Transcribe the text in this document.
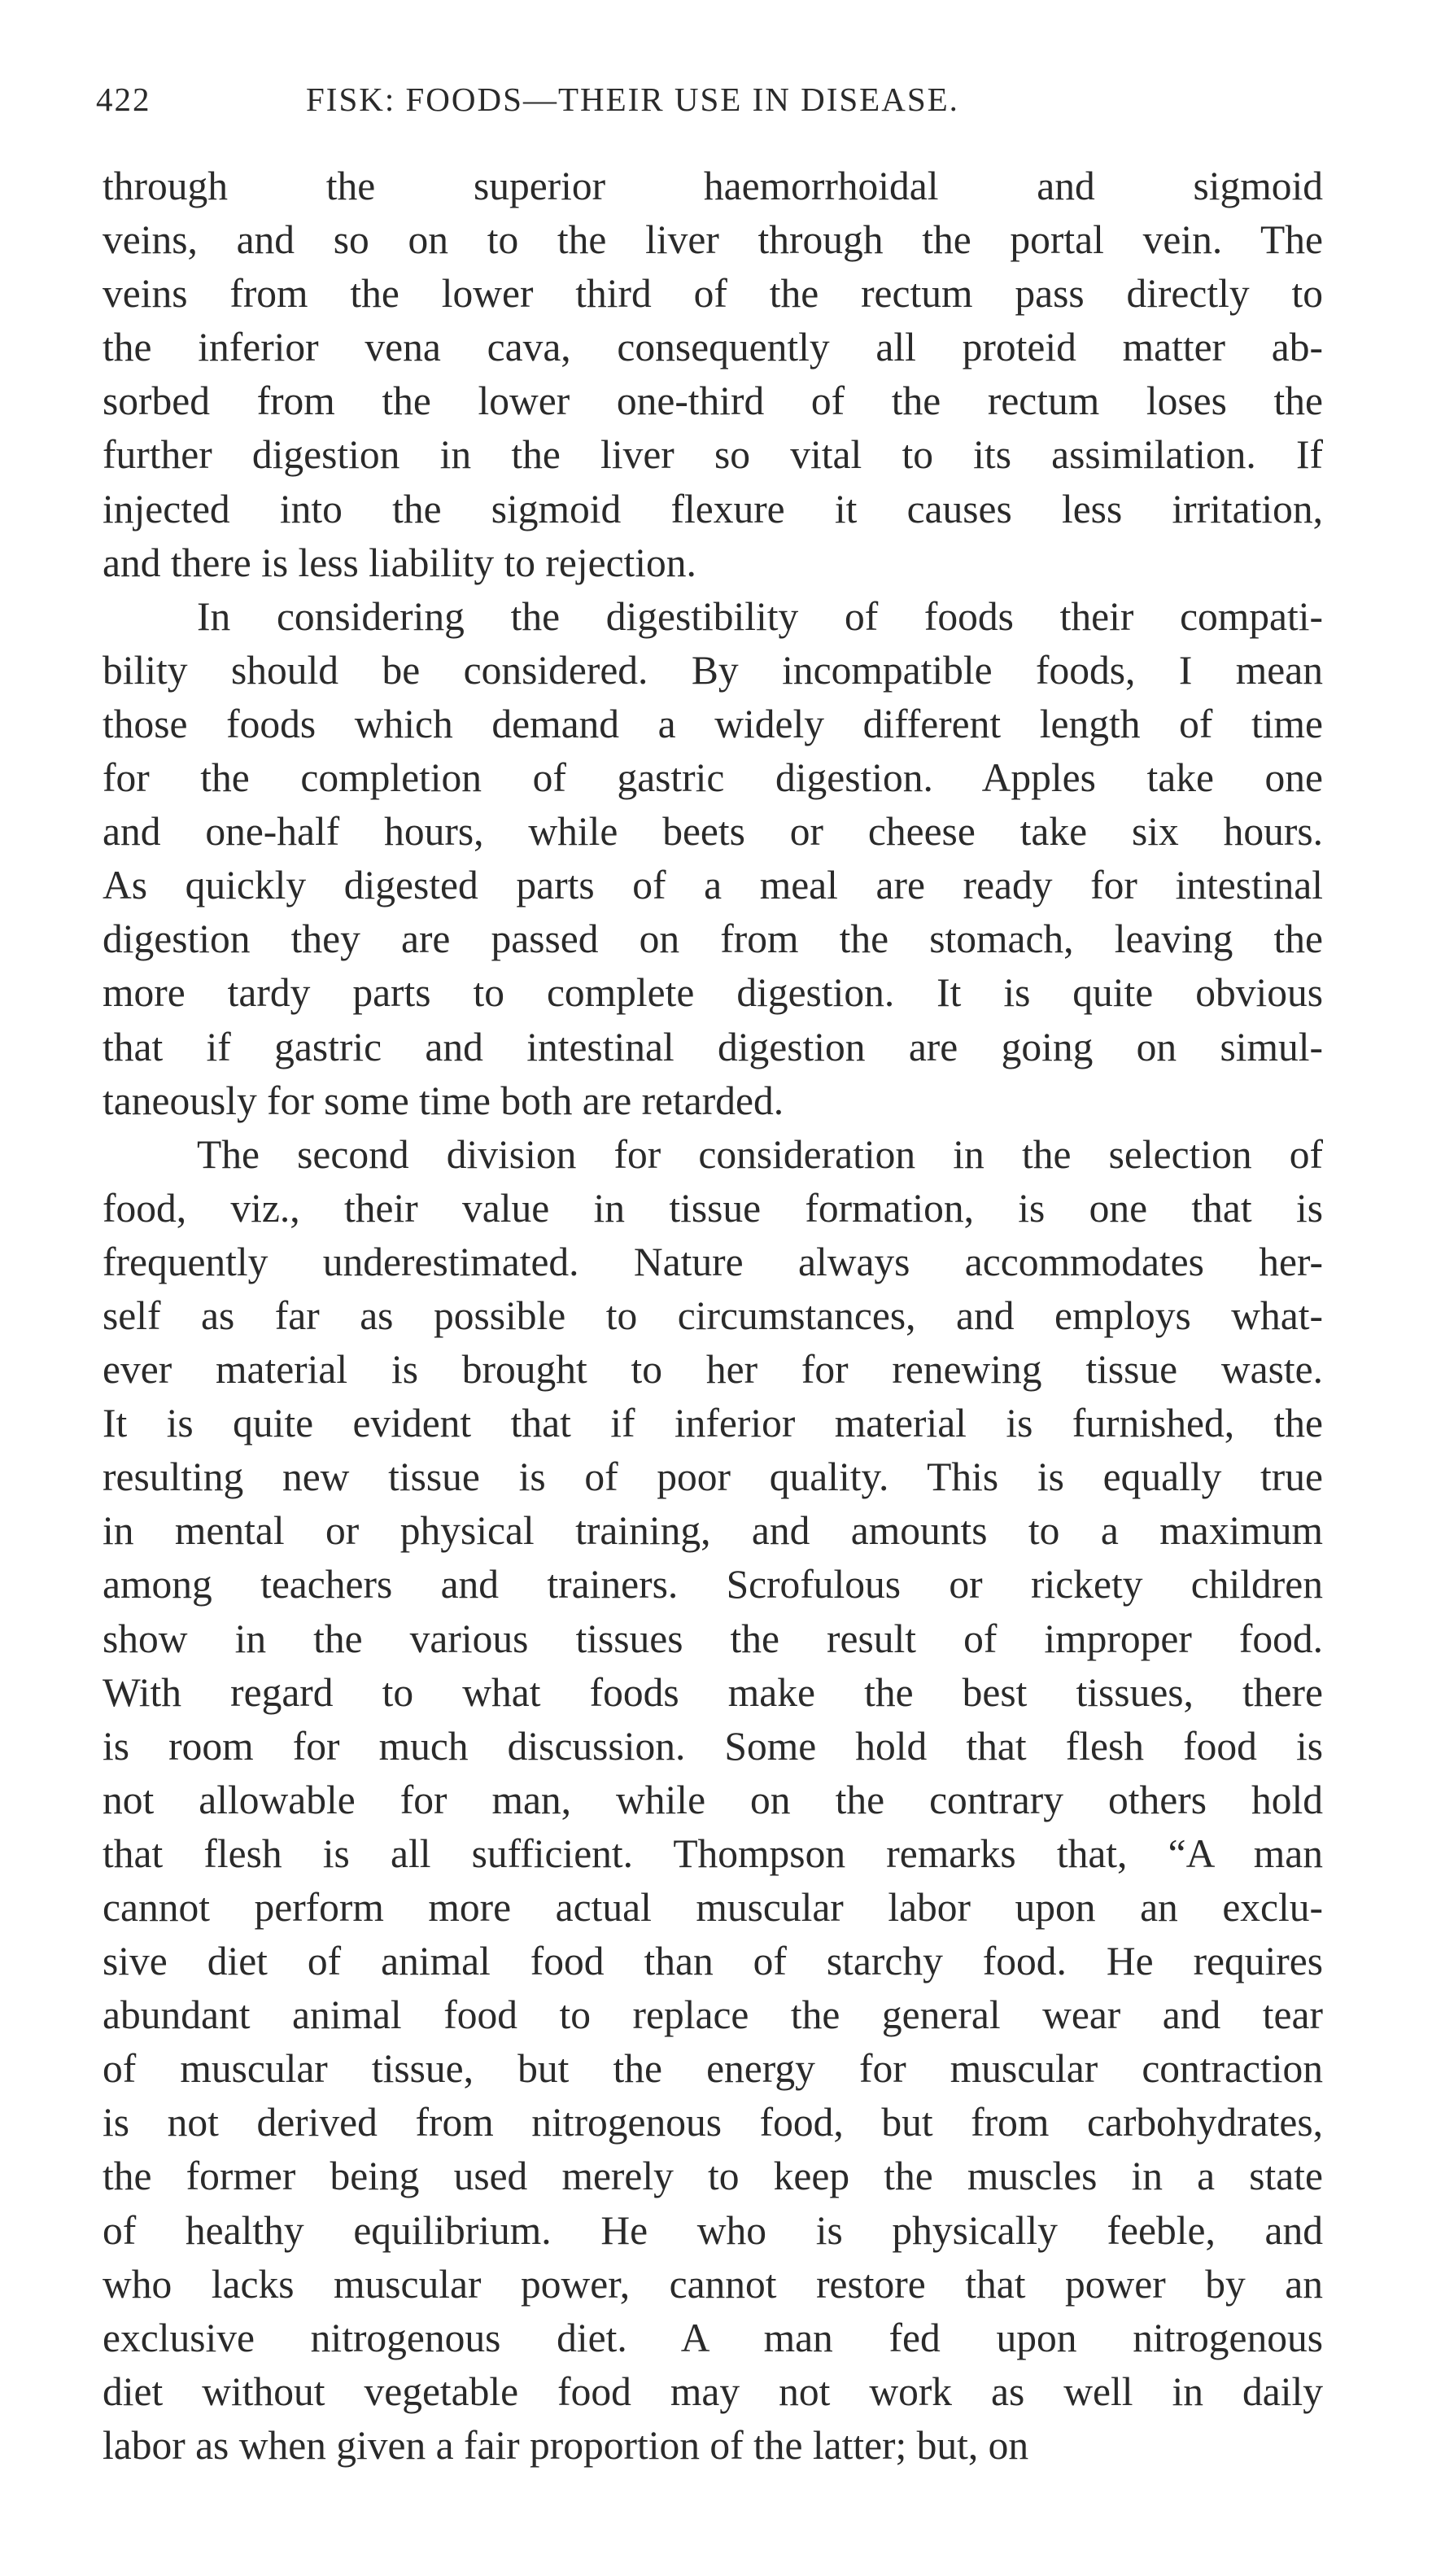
422	FISK: FOODS—THEIR USE IN DISEASE.
through the superior haemorrhoidal and sigmoid
veins, and so on to the liver through the portal vein. The
veins from the lower third of the rectum pass directly to
the inferior vena cava, consequently all proteid matter ab-
sorbed from the lower one-third of the rectum loses the
further digestion in the liver so vital to its assimilation. If
injected into the sigmoid flexure it causes less irritation,
and there is less liability to rejection.
In considering the digestibility of foods their compati-
bility should be considered. By incompatible foods, I mean
those foods which demand a widely different length of time
for the completion of gastric digestion. Apples take one
and one-half hours, while beets or cheese take six hours.
As quickly digested parts of a meal are ready for intestinal
digestion they are passed on from the stomach, leaving the
more tardy parts to complete digestion. It is quite obvious
that if gastric and intestinal digestion are going on simul-
taneously for some time both are retarded.
The second division for consideration in the selection of
food, viz., their value in tissue formation, is one that is
frequently underestimated. Nature always accommodates her-
self as far as possible to circumstances, and employs what-
ever material is brought to her for renewing tissue waste.
It is quite evident that if inferior material is furnished, the
resulting new tissue is of poor quality. This is equally true
in mental or physical training, and amounts to a maximum
among teachers and trainers. Scrofulous or rickety children
show in the various tissues the result of improper food.
With regard to what foods make the best tissues, there
is room for much discussion. Some hold that flesh food is
not allowable for man, while on the contrary others hold
that flesh is all sufficient. Thompson remarks that, “A man
cannot perform more actual muscular labor upon an exclu-
sive diet of animal food than of starchy food. He requires
abundant animal food to replace the general wear and tear
of muscular tissue, but the energy for muscular contraction
is not derived from nitrogenous food, but from carbohydrates,
the former being used merely to keep the muscles in a state
of healthy equilibrium. He who is physically feeble, and
who lacks muscular power, cannot restore that power by an
exclusive nitrogenous diet. A man fed upon nitrogenous
diet without vegetable food may not work as well in daily
labor as when given a fair proportion of the latter; but, on
